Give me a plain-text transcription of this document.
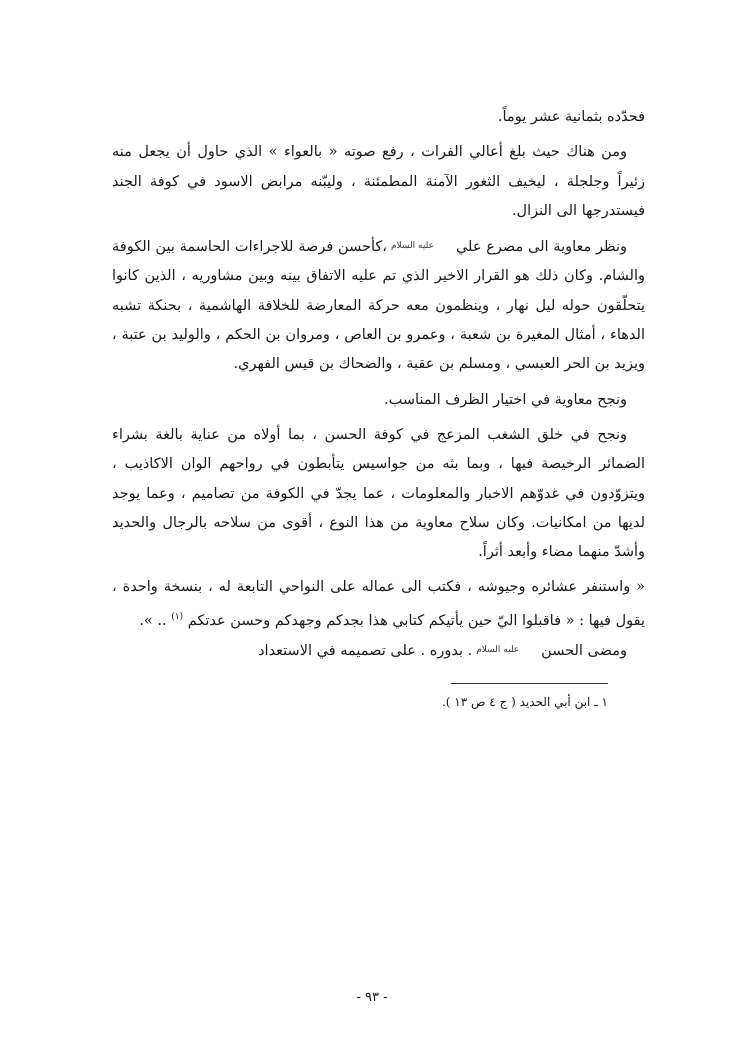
فحدّده بثمانية عشر يوماً.

ومن هناك حيث بلغ أعالي الفرات ، رفع صوته « بالعواء » الذي حاول أن يجعل منه زئيراً وجلجلة ، ليخيف الثغور الآمنة المطمئنة ، وليبّنه مرابض الاسود في كوفة الجند فيستدرجها الى النزال.

ونظر معاوية الى مصرع عليعليه السلام،كأحسن فرصة للاجراءات الحاسمة بين الكوفة والشام. وكان ذلك هو القرار الاخير الذي تم عليه الاتفاق بينه وبين مشاوريه ، الذين كانوا يتحلّقون حوله ليل نهار ، وينظمون معه حركة المعارضة للخلافة الهاشمية ، بحنكة تشبه الدهاء ، أمثال المغيرة بن شعبة ، وعمرو بن العاص ، ومروان بن الحكم ، والوليد بن عتبة ، ويزيد بن الحر العبسي ، ومسلم بن عقبة ، والضحاك بن قيس الفهري.

ونجح معاوية في اختيار الظرف المناسب.

ونجح في خلق الشغب المزعج في كوفة الحسن ، بما أولاه من عناية بالغة بشراء الضمائر الرخيصة فيها ، وبما بثه من جواسيس يتأبطون في رواحهم الوان الاكاذيب ، ويتزوّدون في غدوّهم الاخبار والمعلومات ، عما يجدّ في الكوفة من تصاميم ، وعما يوجد لديها من امكانيات. وكان سلاح معاوية من هذا النوع ، أقوى من سلاحه بالرجال والحديد وأشدّ منهما مضاء وأبعد أثراً.

« واستنفر عشائره وجيوشه ، فكتب الى عماله على النواحي التابعة له ، بنسخة واحدة ، يقول فيها : « فاقبلوا اليّ حين يأتيكم كتابي هذا بجدكم وجهدكم وحسن عدتكم $^{(١)}$ .. ».

ومضى الحسنعليه السلام. بدوره . على تصميمه في الاستعداد

١ ـ ابن أبي الحديد ( ج ٤ ص ١٣ ).
- ٩٣ -
